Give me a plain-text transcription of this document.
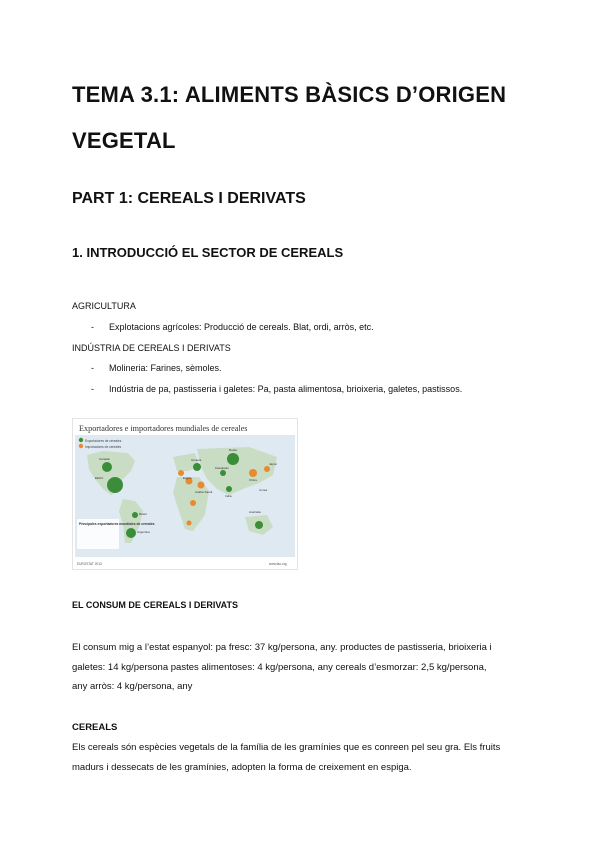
TEMA 3.1: ALIMENTS BÀSICS D’ORIGEN VEGETAL
PART 1: CEREALS I DERIVATS
1. INTRODUCCIÓ EL SECTOR DE CEREALS
AGRICULTURA
- Explotacions agrícoles: Producció de cereals. Blat, ordi, arròs, etc.
INDÚSTRIA DE CEREALS I DERIVATS
- Molineria: Farines, sèmoles.
- Indústria de pa, pastisseria i galetes: Pa, pasta alimentosa, brioixeria, galetes, pastissos.
Exportadores e importadores mundiales de cereales
Exportadores de cereales
Importadores de cereales
Canadá
EEUU
Brasil
Argentina
Rusia
Ucrania
India
China
Australia
Kazajistán
Egipto
Arabia Saudí
Japón
Corea
Principales exportadores mundiales de cereales
EUROSTAT 2013	www.fao.org
EL CONSUM DE CEREALS I DERIVATS
El consum mig a l’estat espanyol: pa fresc: 37 kg/persona, any. productes de pastisseria, brioixeria i
galetes: 14 kg/persona pastes alimentoses: 4 kg/persona, any cereals d’esmorzar: 2,5 kg/persona,
any arròs: 4 kg/persona, any
CEREALS
Els cereals són espècies vegetals de la família de les gramínies que es conreen pel seu gra. Els fruits
madurs i dessecats de les gramínies, adopten la forma de creixement en espiga.
